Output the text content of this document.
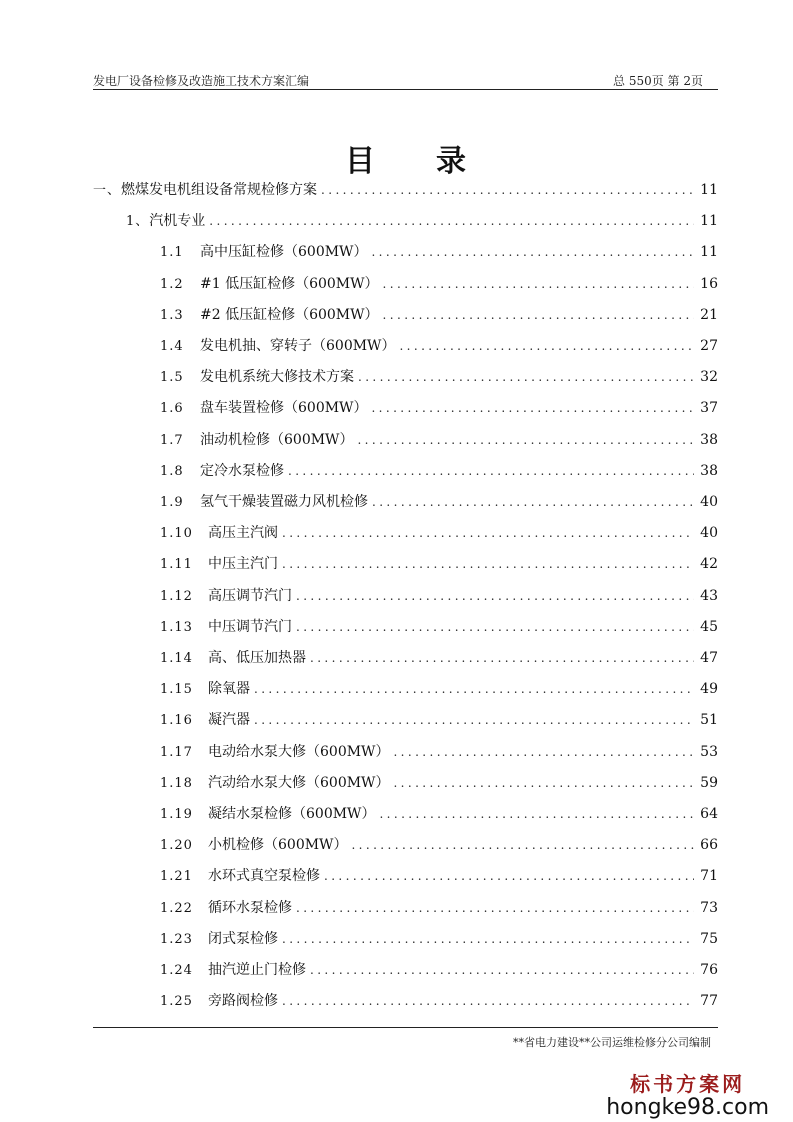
发电厂设备检修及改造施工技术方案汇编	总 550页 第 2页
目 录
一、 燃煤发电机组设备常规检修方案 .....	11
1、 汽机专业 .....	11
1.1	高中压缸检修（600MW） .....	11
1.2	#1 低压缸检修（600MW） .....	16
1.3	#2 低压缸检修（600MW） .....	21
1.4	发电机抽、穿转子（600MW） .....	27
1.5	发电机系统大修技术方案 .....	32
1.6	盘车装置检修（600MW） .....	37
1.7	油动机检修（600MW） .....	38
1.8	定冷水泵检修 .....	38
1.9	氢气干燥装置磁力风机检修 .....	40
1.10	高压主汽阀 .....	40
1.11	中压主汽门 .....	42
1.12	高压调节汽门 .....	43
1.13	中压调节汽门 .....	45
1.14	高、低压加热器 .....	47
1.15	除氧器 .....	49
1.16	凝汽器 .....	51
1.17	电动给水泵大修（600MW） .....	53
1.18	汽动给水泵大修（600MW） .....	59
1.19	凝结水泵检修（600MW） .....	64
1.20	小机检修（600MW） .....	66
1.21	水环式真空泵检修 .....	71
1.22	循环水泵检修 .....	73
1.23	闭式泵检修 .....	75
1.24	抽汽逆止门检修 .....	76
1.25	旁路阀检修 .....	77
**省电力建设**公司运维检修分公司编制
标书方案网
hongke98.com
